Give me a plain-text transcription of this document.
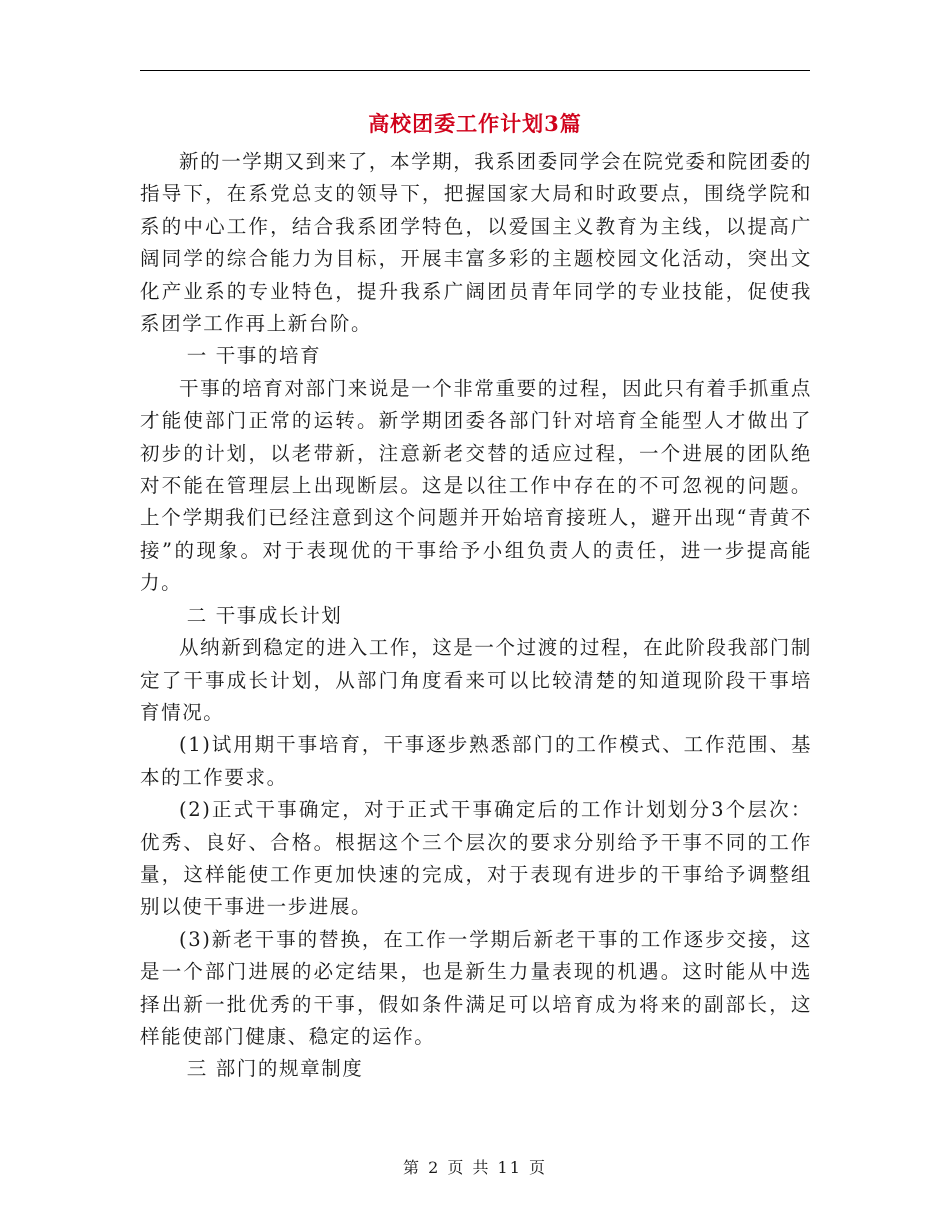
高校团委工作计划3篇

新的一学期又到来了，本学期，我系团委同学会在院党委和院团委的指导下，在系党总支的领导下，把握国家大局和时政要点，围绕学院和系的中心工作，结合我系团学特色，以爱国主义教育为主线，以提高广阔同学的综合能力为目标，开展丰富多彩的主题校园文化活动，突出文化产业系的专业特色，提升我系广阔团员青年同学的专业技能，促使我系团学工作再上新台阶。

一 干事的培育

干事的培育对部门来说是一个非常重要的过程，因此只有着手抓重点才能使部门正常的运转。新学期团委各部门针对培育全能型人才做出了初步的计划，以老带新，注意新老交替的适应过程，一个进展的团队绝对不能在管理层上出现断层。这是以往工作中存在的不可忽视的问题。上个学期我们已经注意到这个问题并开始培育接班人，避开出现“青黄不接”的现象。对于表现优的干事给予小组负责人的责任，进一步提高能力。

二 干事成长计划

从纳新到稳定的进入工作，这是一个过渡的过程，在此阶段我部门制定了干事成长计划，从部门角度看来可以比较清楚的知道现阶段干事培育情况。

(1)试用期干事培育，干事逐步熟悉部门的工作模式、工作范围、基本的工作要求。

(2)正式干事确定，对于正式干事确定后的工作计划划分3个层次：优秀、良好、合格。根据这个三个层次的要求分别给予干事不同的工作量，这样能使工作更加快速的完成，对于表现有进步的干事给予调整组别以使干事进一步进展。

(3)新老干事的替换，在工作一学期后新老干事的工作逐步交接，这是一个部门进展的必定结果，也是新生力量表现的机遇。这时能从中选择出新一批优秀的干事，假如条件满足可以培育成为将来的副部长，这样能使部门健康、稳定的运作。

三 部门的规章制度

第 2 页 共 11 页
